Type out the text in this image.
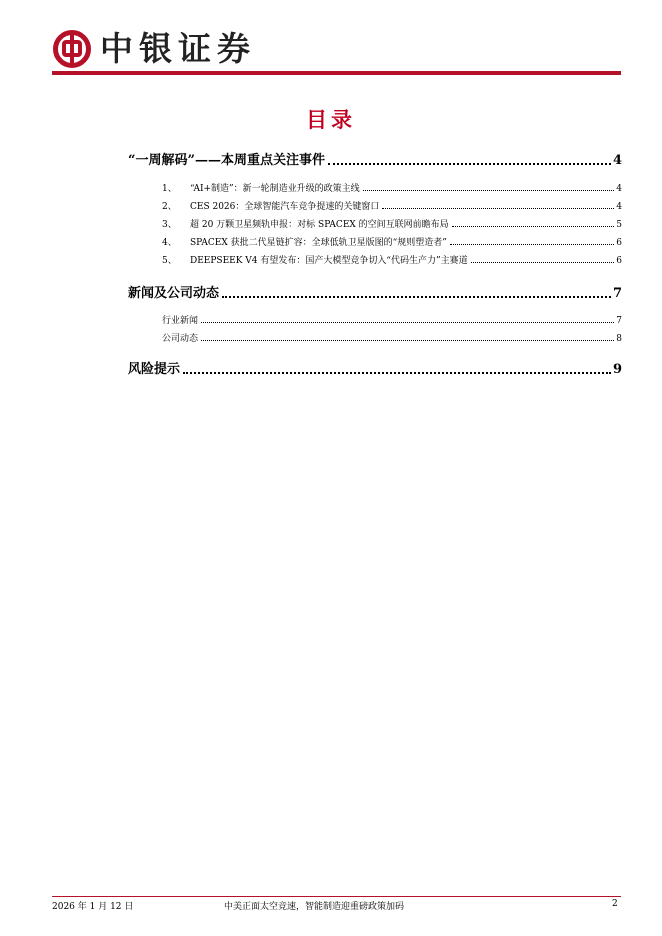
中银证券
目录
“一周解码”——本周重点关注事件	4
1、 “AI+制造”：新一轮制造业升级的政策主线	4
2、 CES 2026：全球智能汽车竞争提速的关键窗口	4
3、 超 20 万颗卫星频轨申报：对标 SPACEX 的空间互联网前瞻布局	5
4、 SPACEX 获批二代星链扩容：全球低轨卫星版图的“规则塑造者”	6
5、 DEEPSEEK V4 有望发布：国产大模型竞争切入“代码生产力”主赛道	6
新闻及公司动态	7
行业新闻	7
公司动态	8
风险提示	9
2026 年 1 月 12 日	中美正面太空竞速，智能制造迎重磅政策加码	2
